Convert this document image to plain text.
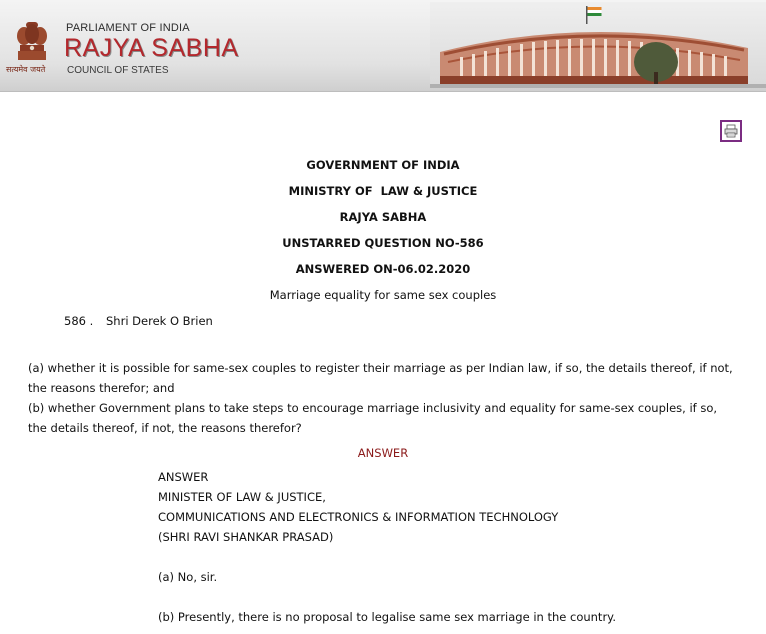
सत्यमेव जयते
PARLIAMENT OF INDIA
RAJYA SABHA
COUNCIL OF STATES
GOVERNMENT OF INDIA
MINISTRY OF  LAW & JUSTICE
RAJYA SABHA
UNSTARRED QUESTION NO-586
ANSWERED ON-06.02.2020
Marriage equality for same sex couples
586 . Shri Derek O Brien
(a) whether it is possible for same-sex couples to register their marriage as per Indian law, if so, the details thereof, if not, the reasons therefor; and
(b) whether Government plans to take steps to encourage marriage inclusivity and equality for same-sex couples, if so, the details thereof, if not, the reasons therefor?
ANSWER
ANSWER
MINISTER OF LAW & JUSTICE,
COMMUNICATIONS AND ELECTRONICS & INFORMATION TECHNOLOGY
(SHRI RAVI SHANKAR PRASAD)
(a) No, sir.
(b) Presently, there is no proposal to legalise same sex marriage in the country.
